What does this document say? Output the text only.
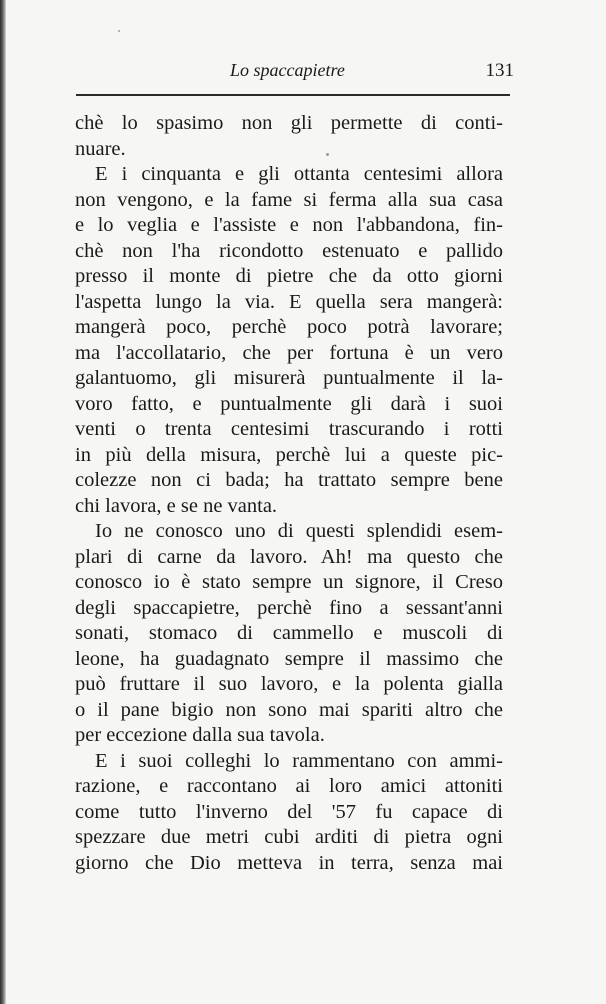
Lo spaccapietre	131
chè lo spasimo non gli permette di conti-
nuare.
E i cinquanta e gli ottanta centesimi allora
non vengono, e la fame si ferma alla sua casa
e lo veglia e l'assiste e non l'abbandona, fin-
chè non l'ha ricondotto estenuato e pallido
presso il monte di pietre che da otto giorni
l'aspetta lungo la via. E quella sera mangerà:
mangerà poco, perchè poco potrà lavorare;
ma l'accollatario, che per fortuna è un vero
galantuomo, gli misurerà puntualmente il la-
voro fatto, e puntualmente gli darà i suoi
venti o trenta centesimi trascurando i rotti
in più della misura, perchè lui a queste pic-
colezze non ci bada; ha trattato sempre bene
chi lavora, e se ne vanta.
Io ne conosco uno di questi splendidi esem-
plari di carne da lavoro. Ah! ma questo che
conosco io è stato sempre un signore, il Creso
degli spaccapietre, perchè fino a sessant'anni
sonati, stomaco di cammello e muscoli di
leone, ha guadagnato sempre il massimo che
può fruttare il suo lavoro, e la polenta gialla
o il pane bigio non sono mai spariti altro che
per eccezione dalla sua tavola.
E i suoi colleghi lo rammentano con ammi-
razione, e raccontano ai loro amici attoniti
come tutto l'inverno del '57 fu capace di
spezzare due metri cubi arditi di pietra ogni
giorno che Dio metteva in terra, senza mai
